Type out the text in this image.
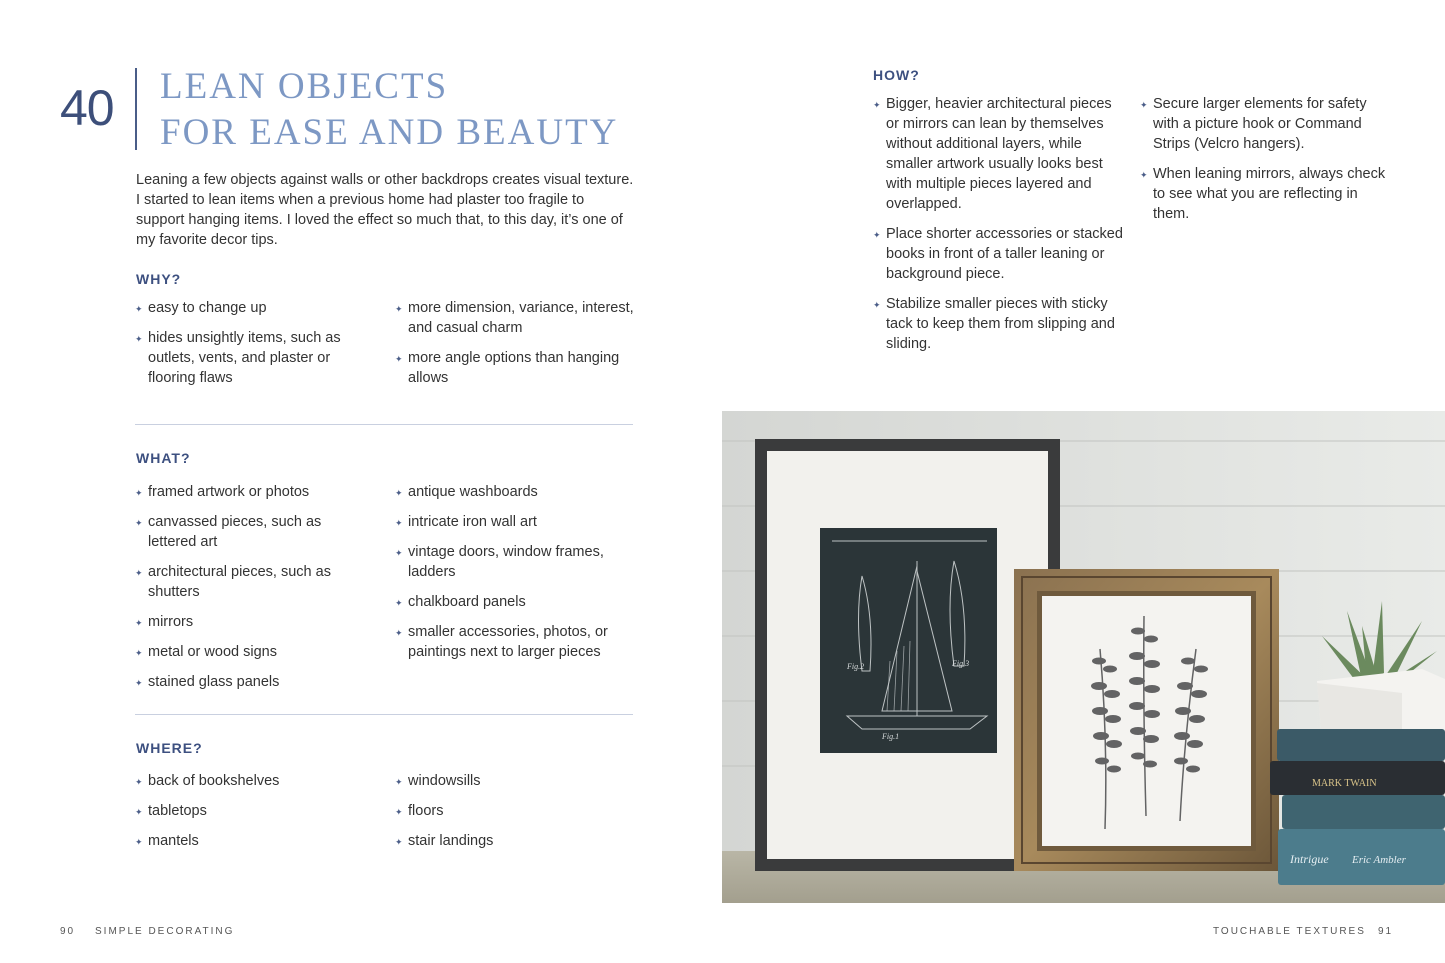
40 LEAN OBJECTS
FOR EASE AND BEAUTY
Leaning a few objects against walls or other backdrops creates visual texture. I started to lean items when a previous home had plaster too fragile to support hanging items. I loved the effect so much that, to this day, it’s one of my favorite decor tips.
WHY?
✦ easy to change up
✦ hides unsightly items, such as outlets, vents, and plaster or flooring flaws
✦ more dimension, variance, interest, and casual charm
✦ more angle options than hanging allows
WHAT?
✦ framed artwork or photos
✦ canvassed pieces, such as lettered art
✦ architectural pieces, such as shutters
✦ mirrors
✦ metal or wood signs
✦ stained glass panels
✦ antique washboards
✦ intricate iron wall art
✦ vintage doors, window frames, ladders
✦ chalkboard panels
✦ smaller accessories, photos, or paintings next to larger pieces
WHERE?
✦ back of bookshelves
✦ tabletops
✦ mantels
✦ windowsills
✦ floors
✦ stair landings
HOW?
✦ Bigger, heavier architectural pieces or mirrors can lean by themselves without additional layers, while smaller artwork usually looks best with multiple pieces layered and overlapped.
✦ Place shorter accessories or stacked books in front of a taller leaning or background piece.
✦ Stabilize smaller pieces with sticky tack to keep them from slipping and sliding.
✦ Secure larger elements for safety with a picture hook or Command Strips (Velcro hangers).
✦ When leaning mirrors, always check to see what you are reflecting in them.
Fig.2	Fig.3
Fig.1
MARK TWAIN
Intrigue Eric Ambler
90 SIMPLE DECORATING	TOUCHABLE TEXTURES 91
